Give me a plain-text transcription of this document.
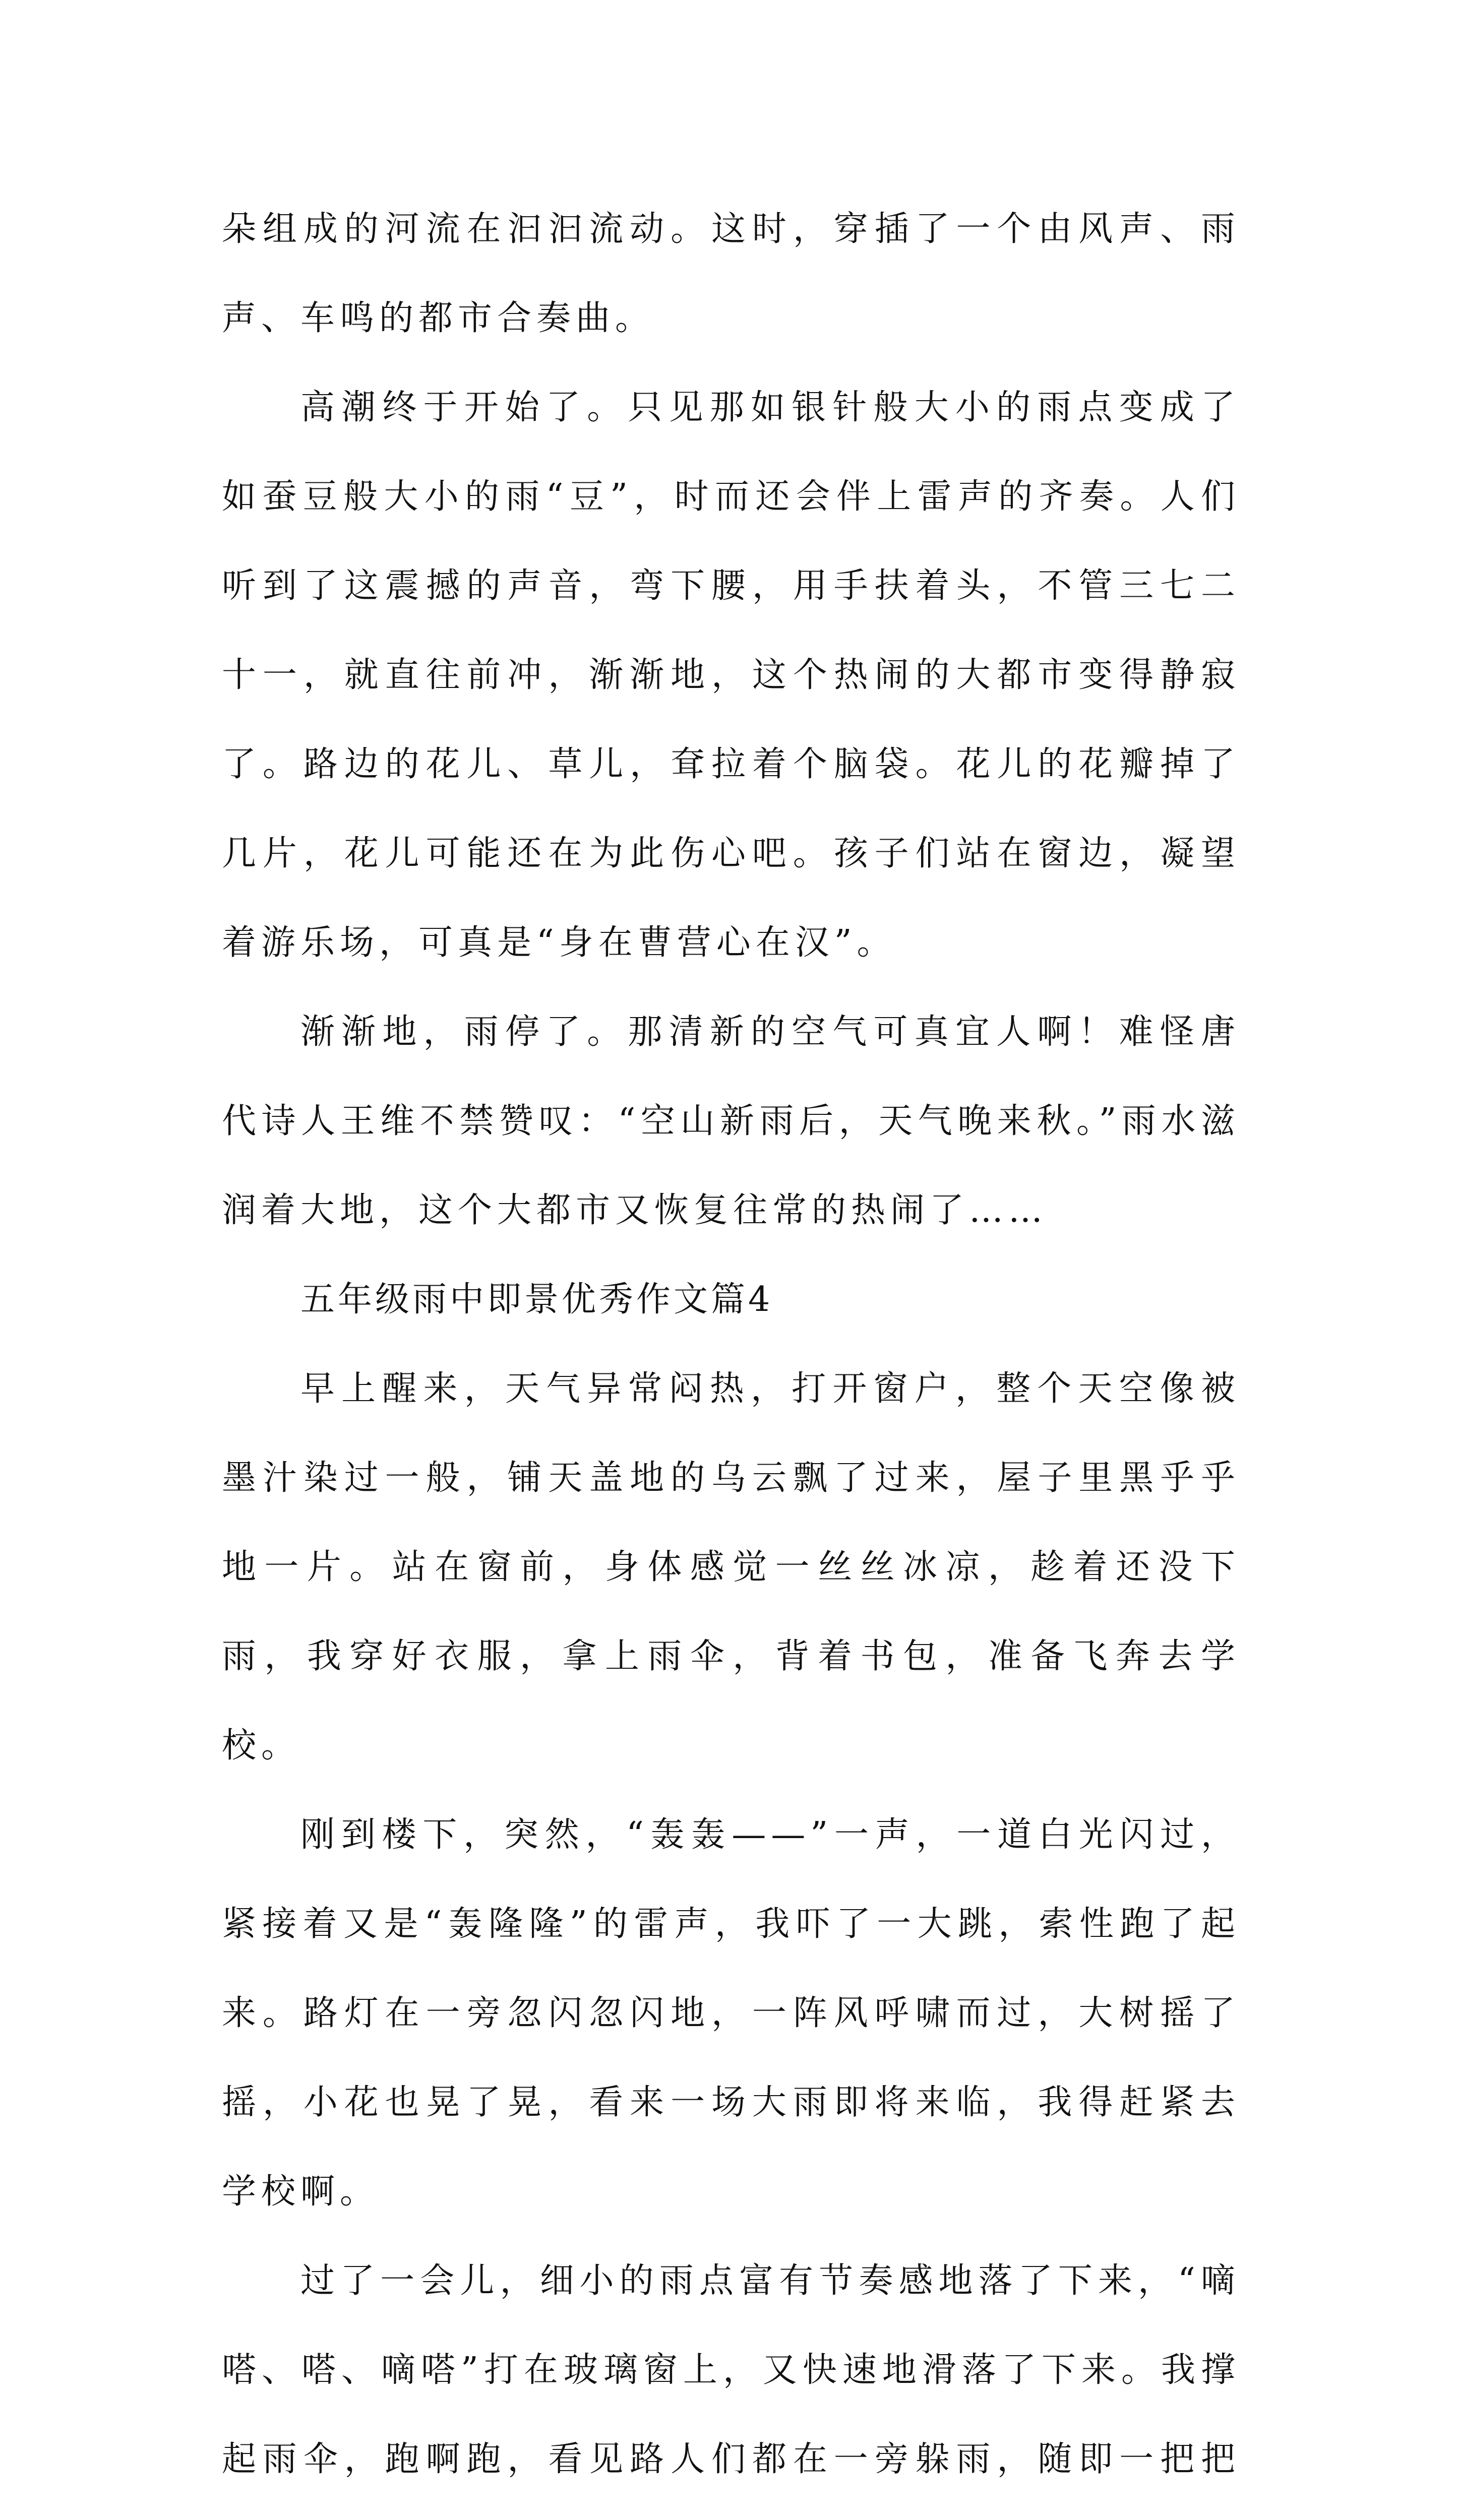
朵组成的河流在汩汩流动。这时，穿插了一个由风声、雨声、车鸣的都市合奏曲。

高潮终于开始了。只见那如银针般大小的雨点变成了如蚕豆般大小的雨“豆”，时而还会伴上雷声的齐奏。人们听到了这震撼的声音，弯下腰，用手扶着头，不管三七二十一，就直往前冲，渐渐地，这个热闹的大都市变得静寂了。路边的花儿、草儿，耷拉着个脑袋。花儿的花瓣掉了几片，花儿可能还在为此伤心吧。孩子们站在窗边，凝望着游乐场，可真是“身在曹营心在汉”。

渐渐地，雨停了。那清新的空气可真宜人啊！难怪唐代诗人王维不禁赞叹：“空山新雨后，天气晚来秋。”雨水滋润着大地，这个大都市又恢复往常的热闹了……

五年级雨中即景优秀作文篇4

早上醒来，天气异常闷热，打开窗户，整个天空像被墨汁染过一般，铺天盖地的乌云飘了过来，屋子里黑乎乎地一片。站在窗前，身体感觉一丝丝冰凉，趁着还没下雨，我穿好衣服，拿上雨伞，背着书包，准备飞奔去学校。

刚到楼下，突然，“轰轰——”一声，一道白光闪过，紧接着又是“轰隆隆”的雷声，我吓了一大跳，索性跑了起来。路灯在一旁忽闪忽闪地，一阵风呼啸而过，大树摇了摇，小花也晃了晃，看来一场大雨即将来临，我得赶紧去学校啊。

过了一会儿，细小的雨点富有节奏感地落了下来，“嘀嗒、嗒、嘀嗒”打在玻璃窗上，又快速地滑落了下来。我撑起雨伞，跑啊跑，看见路人们都在一旁躲雨，随即一把把
